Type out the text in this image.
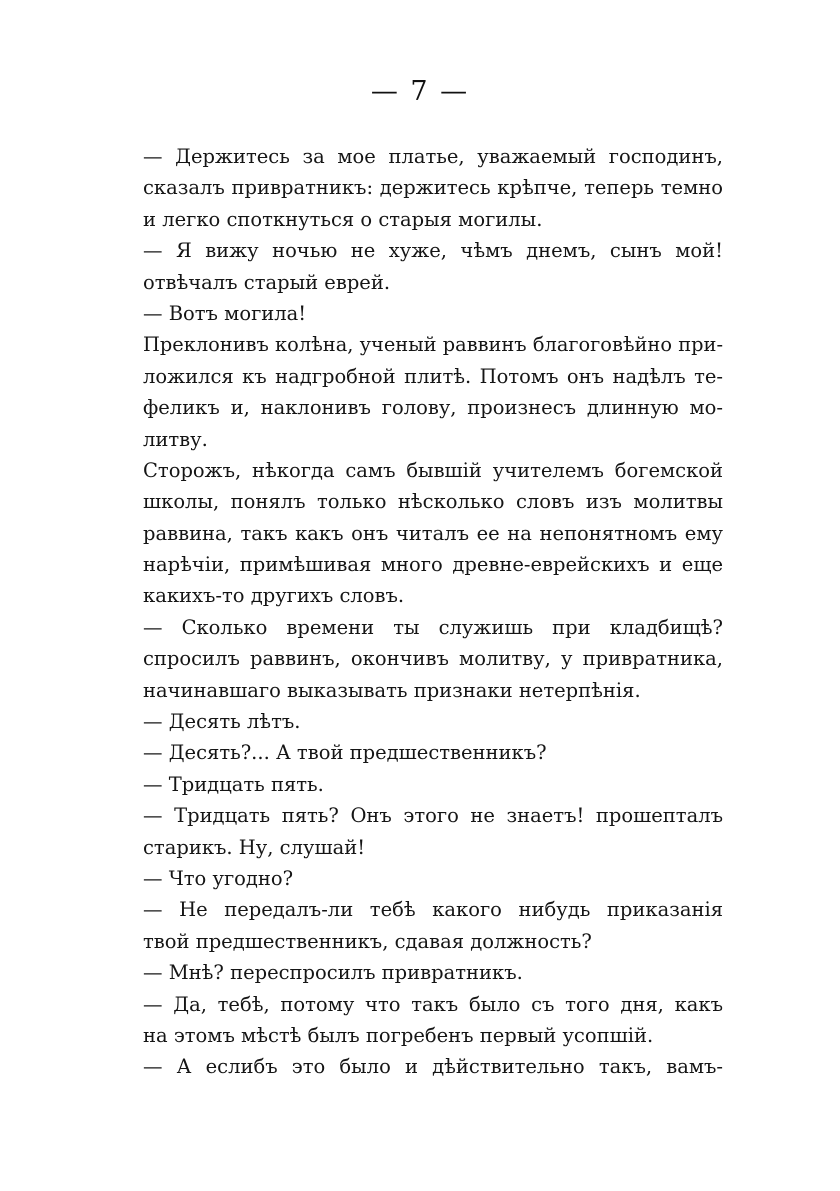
— 7 —
— Держитесь за мое платье, уважаемый господинъ,
сказалъ привратникъ: держитесь крѣпче, теперь темно
и легко споткнуться о старыя могилы.
— Я вижу ночью не хуже, чѣмъ днемъ, сынъ мой!
отвѣчалъ старый еврей.
— Вотъ могила!
Преклонивъ колѣна, ученый раввинъ благоговѣйно при-
ложился къ надгробной плитѣ. Потомъ онъ надѣлъ те-
феликъ и, наклонивъ голову, произнесъ длинную мо-
литву.
Сторожъ, нѣкогда самъ бывшій учителемъ богемской
школы, понялъ только нѣсколько словъ изъ молитвы
раввина, такъ какъ онъ читалъ ее на непонятномъ ему
нарѣчіи, примѣшивая много древне-еврейскихъ и еще
какихъ-то другихъ словъ.
— Сколько времени ты служишь при кладбищѣ?
спросилъ раввинъ, окончивъ молитву, у привратника,
начинавшаго выказывать признаки нетерпѣнія.
— Десять лѣтъ.
— Десять?... А твой предшественникъ?
— Тридцать пять.
— Тридцать пять? Онъ этого не знаетъ! прошепталъ
старикъ. Ну, слушай!
— Что угодно?
— Не передалъ-ли тебѣ какого нибудь приказанія
твой предшественникъ, сдавая должность?
— Мнѣ? переспросилъ привратникъ.
— Да, тебѣ, потому что такъ было съ того дня, какъ
на этомъ мѣстѣ былъ погребенъ первый усопшій.
— А еслибъ это было и дѣйствительно такъ, вамъ-
